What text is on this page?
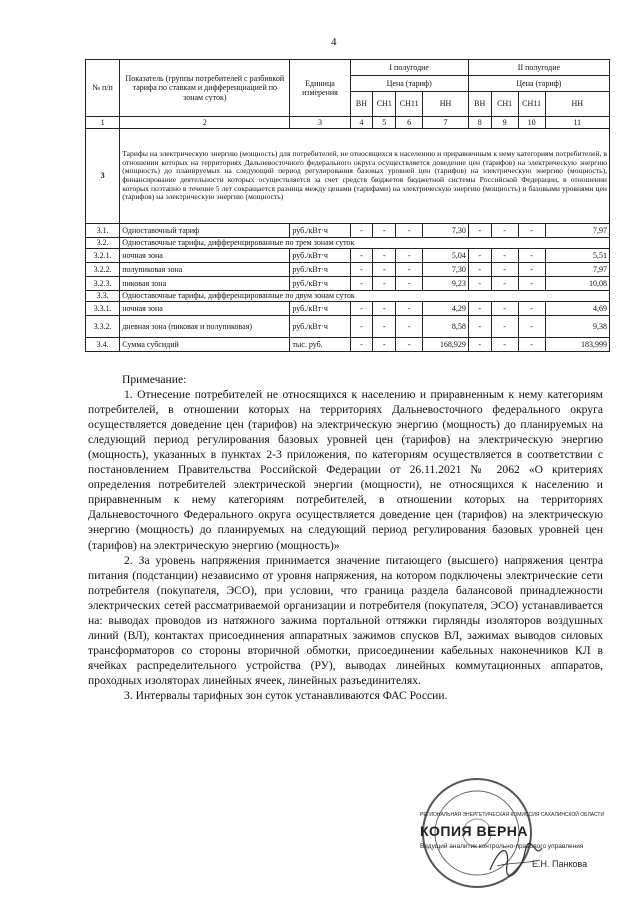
4
№ п/п	Показатель (группы потребителей с разбивкой тарифа по ставкам и дифференциацией по зонам суток)	Единица измерения	I полугодие				II полугодие			
			Цена (тариф)				Цена (тариф)			
			ВН	СН1	СН11	НН	ВН	СН1	СН11	НН
1	2	3	4	5	6	7	8	9	10	11
3	Тарифы на электрическую энергию (мощность) для потребителей, не относящихся к населению и приравненным к нему категориям потребителей, в отношении которых на территориях Дальневосточного федерального округа осуществляется доведение цен (тарифов) на электрическую энергию (мощность) до планируемых на следующий период регулирования базовых уровней цен (тарифов) на электрическую энергию (мощность), финансирование деятельности которых осуществляется за счет средств бюджетов бюджетной системы Российской Федерации, в отношении которых поэтапно в течение 5 лет сокращается разница между ценами (тарифами) на электрическую энергию (мощность) и базовыми уровнями цен (тарифов) на электрическую энергию (мощность)									
3.1.	Одноставочный тариф	руб./кВт·ч	-	-	-	7,30	-	-	-	7,97
3.2.	Одноставочные тарифы, дифференцированные по трем зонам суток									
3.2.1.	ночная зона	руб./кВт·ч	-	-	-	5,04	-	-	-	5,51
3.2.2.	полупиковая зона	руб./кВт·ч	-	-	-	7,30	-	-	-	7,97
3.2.3.	пиковая зона	руб./кВт·ч	-	-	-	9,23	-	-	-	10,08
3.3.	Одноставочные тарифы, дифференцированные по двум зонам суток									
3.3.1.	ночная зона	руб./кВт·ч	-	-	-	4,29	-	-	-	4,69
3.3.2.	дневная зона (пиковая и полупиковая)	руб./кВт·ч	-	-	-	8,58	-	-	-	9,38
3.4.	Сумма субсидий	тыс. руб.	-	-	-	168,929	-	-	-	183,999

Примечание:

1. Отнесение потребителей не относящихся к населению и приравненным к нему категориям потребителей, в отношении которых на территориях Дальневосточного федерального округа осуществляется доведение цен (тарифов) на электрическую энергию (мощность) до планируемых на следующий период регулирования базовых уровней цен (тарифов) на электрическую энергию (мощность), указанных в пунктах 2-3 приложения, по категориям осуществляется в соответствии с постановлением Правительства Российской Федерации от 26.11.2021 № 2062 «О критериях определения потребителей электрической энергии (мощности), не относящихся к населению и приравненным к нему категориям потребителей, в отношении которых на территориях Дальневосточного Федерального округа осуществляется доведение цен (тарифов) на электрическую энергию (мощность) до планируемых на следующий период регулирования базовых уровней цен (тарифов) на электрическую энергию (мощность)»

2. За уровень напряжения принимается значение питающего (высшего) напряжения центра питания (подстанции) независимо от уровня напряжения, на котором подключены электрические сети потребителя (покупателя, ЭСО), при условии, что граница раздела балансовой принадлежности электрических сетей рассматриваемой организации и потребителя (покупателя, ЭСО) устанавливается на: выводах проводов из натяжного зажима портальной оттяжки гирлянды изоляторов воздушных линий (ВЛ), контактах присоединения аппаратных зажимов спусков ВЛ, зажимах выводов силовых трансформаторов со стороны вторичной обмотки, присоединении кабельных наконечников КЛ в ячейках распределительного устройства (РУ), выводах линейных коммутационных аппаратов, проходных изоляторах линейных ячеек, линейных разъединителях.

3. Интервалы тарифных зон суток устанавливаются ФАС России.

РЕГИОНАЛЬНАЯ ЭНЕРГЕТИЧЕСКАЯ КОМИССИЯ САХАЛИНСКОЙ ОБЛАСТИ
КОПИЯ ВЕРНА
Ведущий аналитик контрольно-правового управления
Е.Н. Панкова
